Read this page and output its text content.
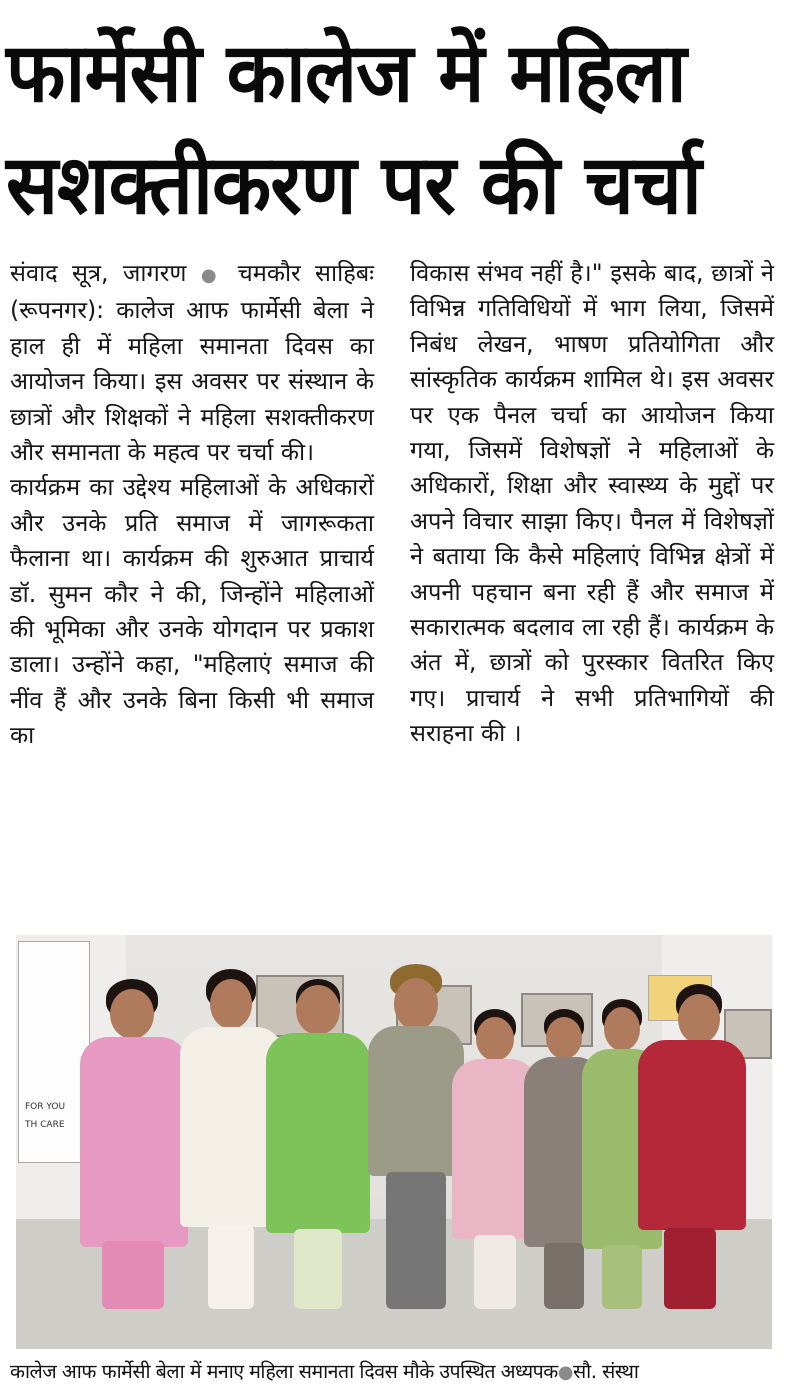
फार्मेसी कालेज में महिला
सशक्तीकरण पर की चर्चा

संवाद सूत्र, जागरण ● चमकौर साहिबः (रूपनगर): कालेज आफ फार्मेसी बेला ने हाल ही में महिला समानता दिवस का आयोजन किया। इस अवसर पर संस्थान के छात्रों और शिक्षकों ने महिला सशक्तीकरण और समानता के महत्व पर चर्चा की।

कार्यक्रम का उद्देश्य महिलाओं के अधिकारों और उनके प्रति समाज में जागरूकता फैलाना था। कार्यक्रम की शुरुआत प्राचार्य डॉ. सुमन कौर ने की, जिन्होंने महिलाओं की भूमिका और उनके योगदान पर प्रकाश डाला। उन्होंने कहा, "महिलाएं समाज की नींव हैं और उनके बिना किसी भी समाज का

विकास संभव नहीं है।" इसके बाद, छात्रों ने विभिन्न गतिविधियों में भाग लिया, जिसमें निबंध लेखन, भाषण प्रतियोगिता और सांस्कृतिक कार्यक्रम शामिल थे। इस अवसर पर एक पैनल चर्चा का आयोजन किया गया, जिसमें विशेषज्ञों ने महिलाओं के अधिकारों, शिक्षा और स्वास्थ्य के मुद्दों पर अपने विचार साझा किए। पैनल में विशेषज्ञों ने बताया कि कैसे महिलाएं विभिन्न क्षेत्रों में अपनी पहचान बना रही हैं और समाज में सकारात्मक बदलाव ला रही हैं। कार्यक्रम के अंत में, छात्रों को पुरस्कार वितरित किए गए। प्राचार्य ने सभी प्रतिभागियों की सराहना की ।

FOR YOU
TH CARE
कालेज आफ फार्मेसी बेला में मनाए महिला समानता दिवस मौके उपस्थित अध्यपक●सौ. संस्था
